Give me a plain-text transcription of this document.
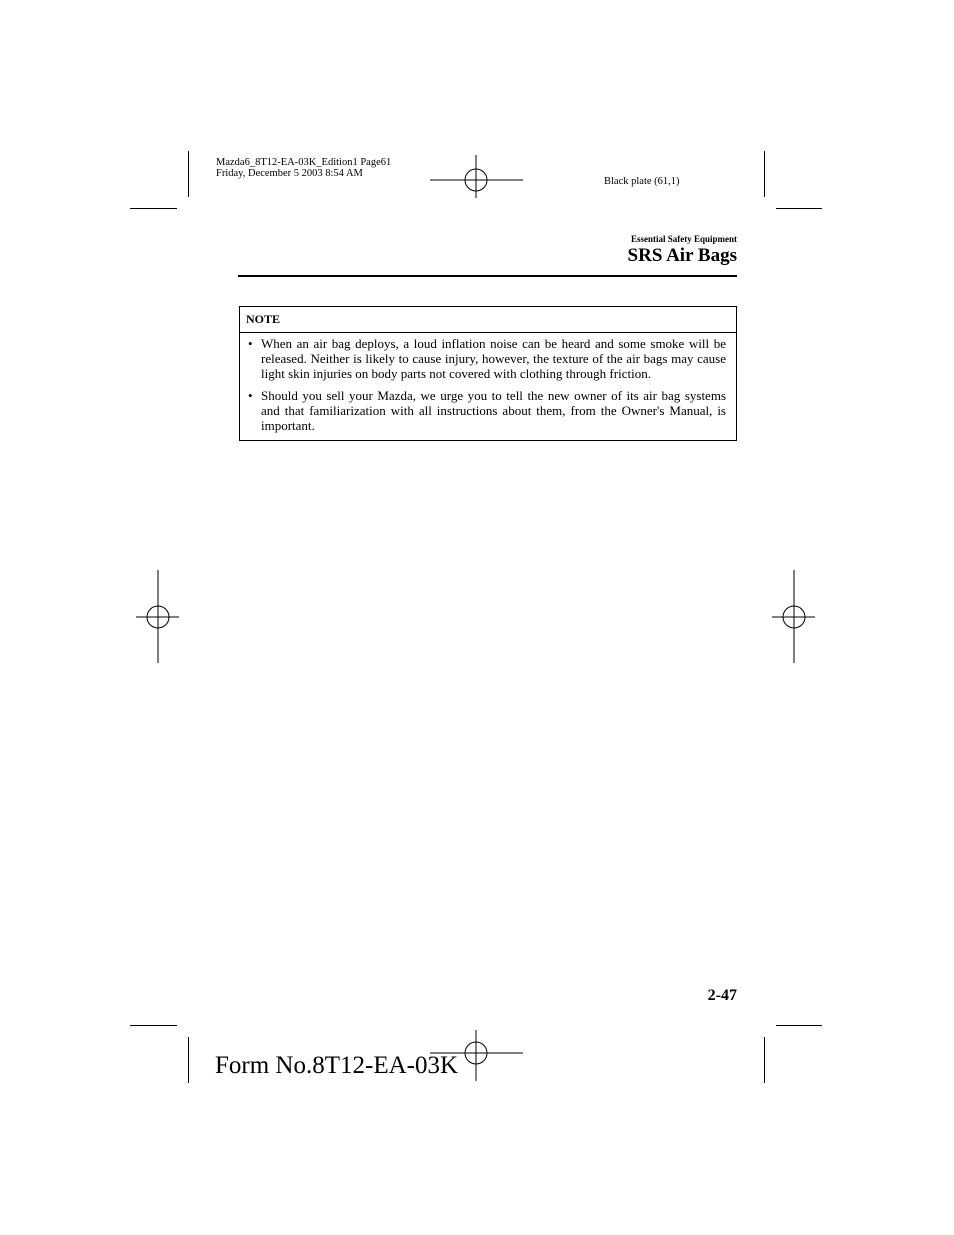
Mazda6_8T12-EA-03K_Edition1 Page61
Friday, December 5 2003 8:54 AM
Black plate (61,1)
Essential Safety Equipment
SRS Air Bags
NOTE
• When an air bag deploys, a loud inflation noise can be heard and some smoke will be released. Neither is likely to cause injury, however, the texture of the air bags may cause light skin injuries on body parts not covered with clothing through friction.
• Should you sell your Mazda, we urge you to tell the new owner of its air bag systems and that familiarization with all instructions about them, from the Owner's Manual, is important.
2-47
Form No.8T12-EA-03K
